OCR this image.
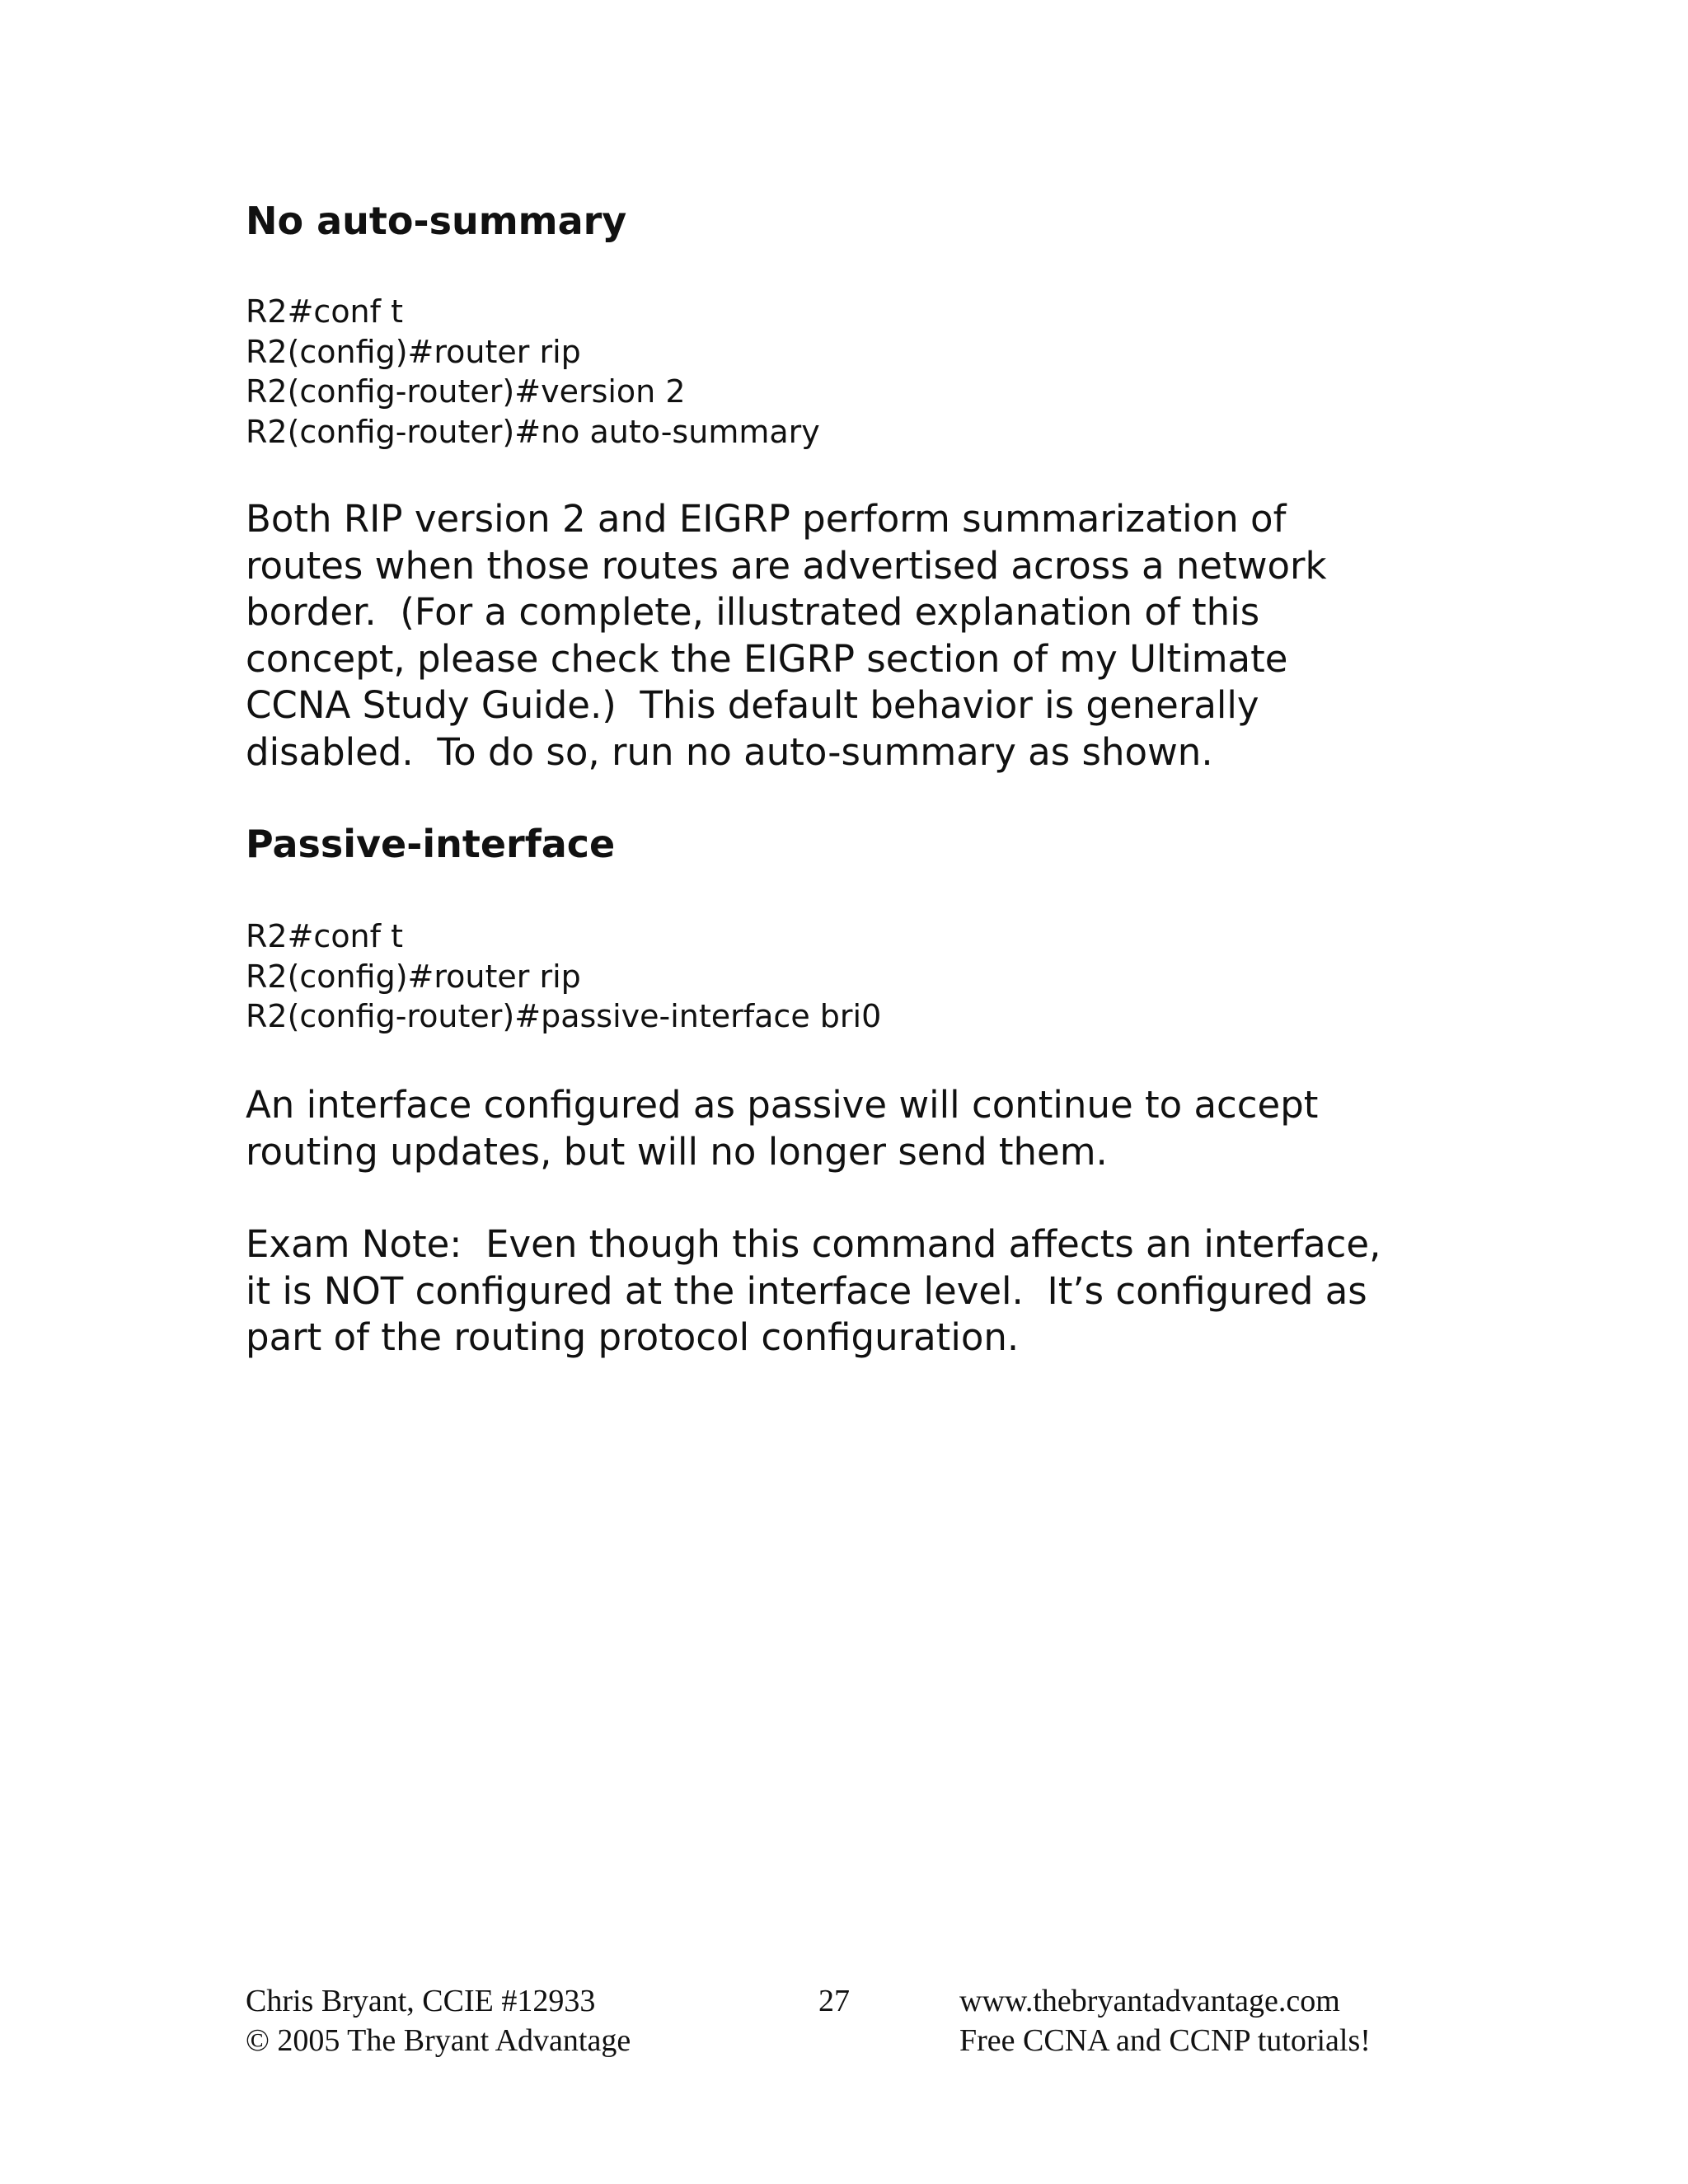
No auto-summary
R2#conf t
R2(config)#router rip
R2(config-router)#version 2
R2(config-router)#no auto-summary
Both RIP version 2 and EIGRP perform summarization of
routes when those routes are advertised across a network
border.  (For a complete, illustrated explanation of this
concept, please check the EIGRP section of my Ultimate
CCNA Study Guide.)  This default behavior is generally
disabled.  To do so, run no auto-summary as shown.
Passive-interface
R2#conf t
R2(config)#router rip
R2(config-router)#passive-interface bri0
An interface configured as passive will continue to accept
routing updates, but will no longer send them.
Exam Note:  Even though this command affects an interface,
it is NOT configured at the interface level.  It’s configured as
part of the routing protocol configuration.
Chris Bryant, CCIE #12933
© 2005 The Bryant Advantage
27	www.thebryantadvantage.com
Free CCNA and CCNP tutorials!
